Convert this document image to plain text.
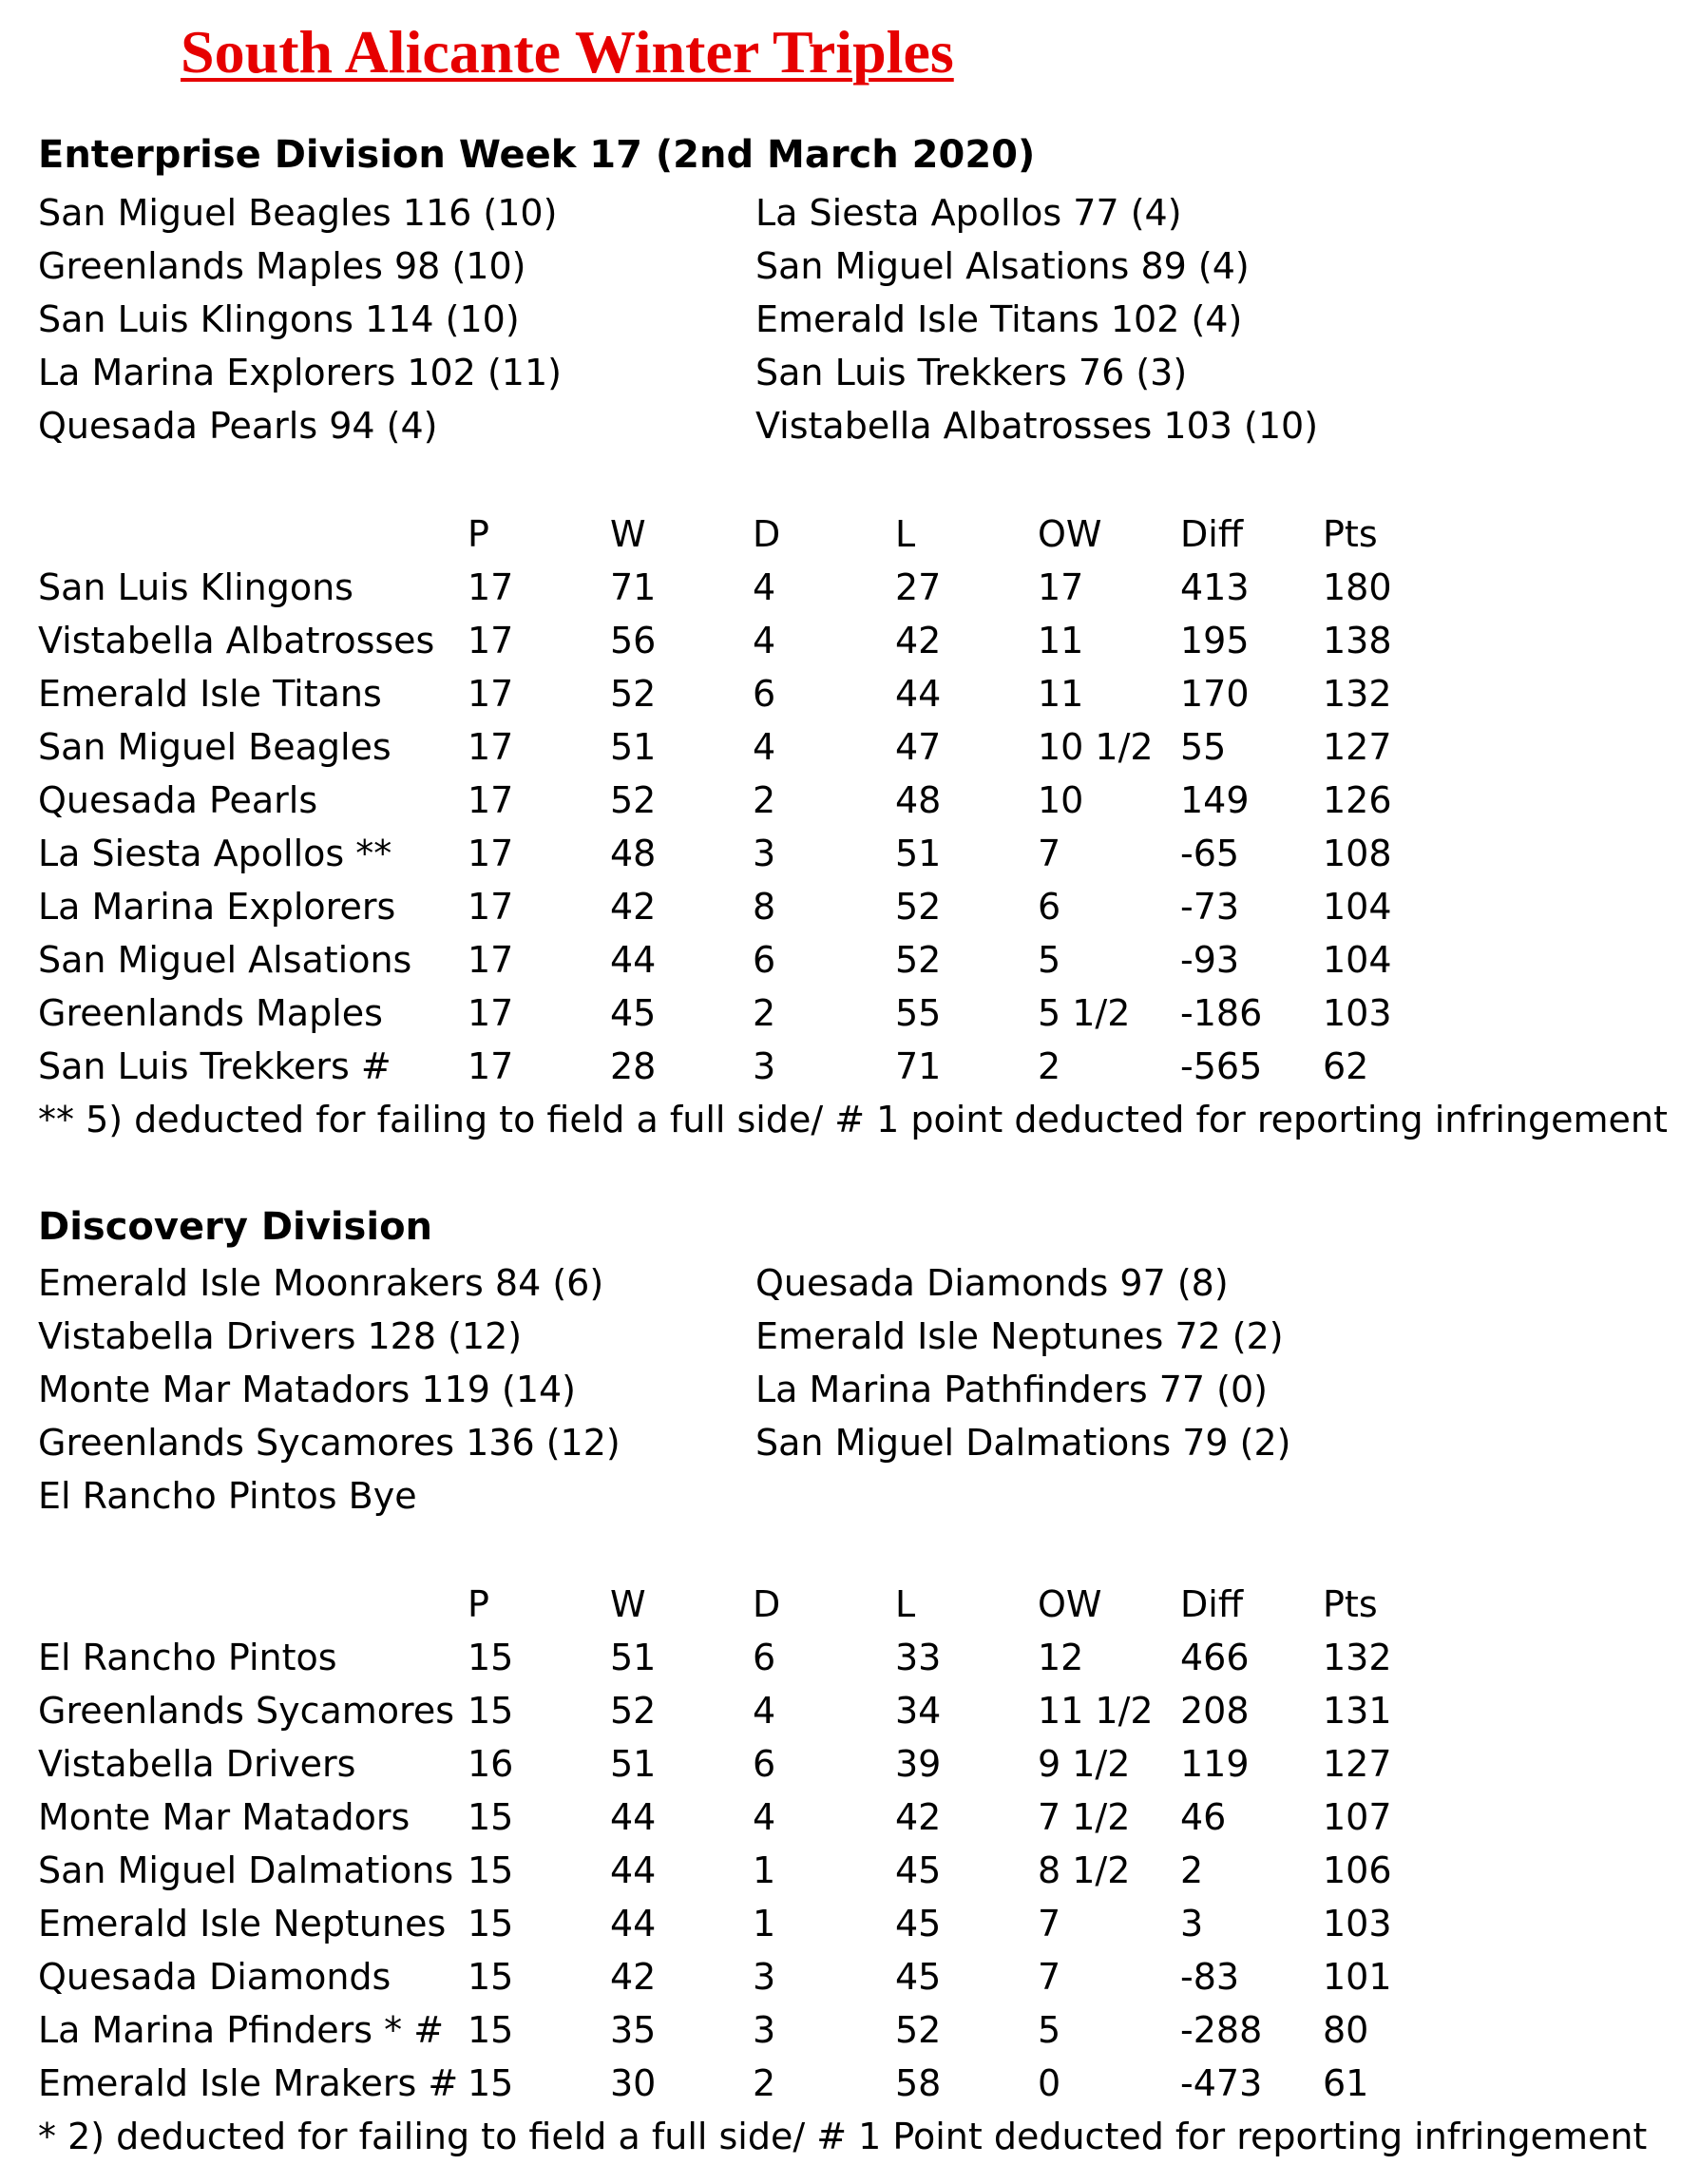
South Alicante Winter Triples
Enterprise Division Week 17 (2nd March 2020)
San Miguel Beagles 116 (10)	La Siesta Apollos 77 (4)
Greenlands Maples 98 (10)	San Miguel Alsations 89 (4)
San Luis Klingons 114 (10)	Emerald Isle Titans 102 (4)
La Marina Explorers 102 (11)	San Luis Trekkers 76 (3)
Quesada Pearls 94 (4)	Vistabella Albatrosses 103 (10)
P	W	D	L	OW Diff Pts
San Luis Klingons	17	71	4	27	17	413 180
Vistabella Albatrosses 17	56	4	42	11	195 138
Emerald Isle Titans 17	52	6	44	11	170 132
San Miguel Beagles 17	51	4	47	10 1/2 55	127
Quesada Pearls	17	52	2	48	10	149 126
La Siesta Apollos ** 17	48	3	51	7	-65 108
La Marina Explorers 17	42	8	52	6	-73 104
San Miguel Alsations 17	44	6	52	5	-93 104
Greenlands Maples 17	45	2	55	5 1/2 -186 103
San Luis Trekkers # 17	28	3	71	2	-565 62
** 5) deducted for failing to field a full side/ # 1 point deducted for reporting infringement
Discovery Division
Emerald Isle Moonrakers 84 (6)	Quesada Diamonds 97 (8)
Vistabella Drivers 128 (12)	Emerald Isle Neptunes 72 (2)
Monte Mar Matadors 119 (14)	La Marina Pathfinders 77 (0)
Greenlands Sycamores 136 (12)	San Miguel Dalmations 79 (2)
El Rancho Pintos Bye
P	W	D	L	OW Diff Pts
El Rancho Pintos	15	51	6	33	12	466 132
Greenlands Sycamores 15	52	4	34	11 1/2 208 131
Vistabella Drivers	16	51	6	39	9 1/2 119 127
Monte Mar Matadors 15	44	4	42	7 1/2 46	107
San Miguel Dalmations 15	44	1	45	8 1/2 2	106
Emerald Isle Neptunes 15	44	1	45	7	3	103
Quesada Diamonds 15	42	3	45	7	-83 101
La Marina Pfinders * # 15	35	3	52	5	-288 80
Emerald Isle Mrakers # 15	30	2	58	0	-473 61
* 2) deducted for failing to field a full side/ # 1 Point deducted for reporting infringement
